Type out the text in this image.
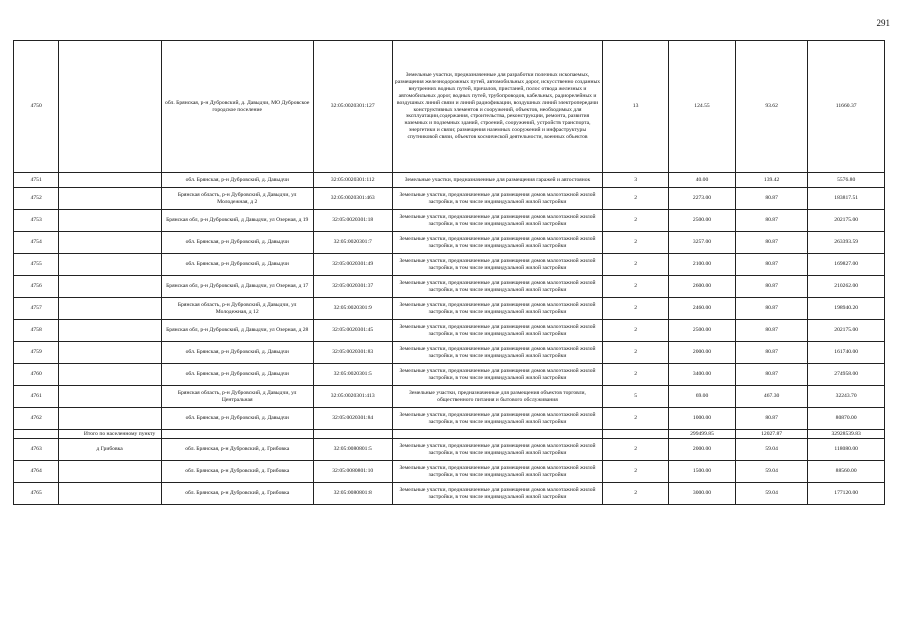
291
4750		обл. Брянская, р-н Дубровский, д. Давыдчи, МО Дубровское городское поселение	32:05:0020301:127	Земельные участки, предназначенные для разработки полезных ископаемых, размещения железнодорожных путей, автомобильных дорог, искусственно созданных внутренних водных путей, причалов, пристаней, полос отвода железных и автомобильных дорог, водных путей, трубопроводов, кабельных, радиорелейных и воздушных линий связи и линий радиофикации, воздушных линий электропередачи конструктивных элементов и сооружений, объектов, необходимых для эксплуатации,содержания, строительства, реконструкции, ремонта, развития наземных и подземных зданий, строений, сооружений, устройств транспорта, энергетики и связи; размещения наземных сооружений и инфраструктуры спутниковой связи, объектов космической деятельности, военных объектов	13	124.55	93.62	11660.37
4751		обл. Брянская, р-н Дубровский, д. Давыдчи	32:05:0020301:112	Земельные участки, предназначенные для размещения гаражей и автостоянок	3	40.00	139.42	5576.80
4752		Брянская область, р-н Дубровский, д Давыдчи, ул Молодежная, д 2	32:05:0020301:463	Земельные участки, предназначенные для размещения домов малоэтажной жилой застройки, в том числе индивидуальной жилой застройки	2	2273.00	80.87	183817.51
4753		Брянская обл, р-н Дубровский, д Давыдчи, ул Озерная, д 19	32:05:0020301:18	Земельные участки, предназначенные для размещения домов малоэтажной жилой застройки, в том числе индивидуальной жилой застройки	2	2500.00	80.87	202175.00
4754		обл. Брянская, р-н Дубровский, д. Давыдчи	32:05:0020301:7	Земельные участки, предназначенные для размещения домов малоэтажной жилой застройки, в том числе индивидуальной жилой застройки	2	3257.00	80.87	263393.59
4755		обл. Брянская, р-н Дубровский, д. Давыдчи	32:05:0020301:49	Земельные участки, предназначенные для размещения домов малоэтажной жилой застройки, в том числе индивидуальной жилой застройки	2	2100.00	80.87	169827.00
4756		Брянская обл, р-н Дубровский, д Давыдчи, ул Озерная, д 17	32:05:0020301:37	Земельные участки, предназначенные для размещения домов малоэтажной жилой застройки, в том числе индивидуальной жилой застройки	2	2600.00	80.87	210262.00
4757		Брянская область, р-н Дубровский, д Давыдчи, ул Молодежная, д 12	32:05:0020301:9	Земельные участки, предназначенные для размещения домов малоэтажной жилой застройки, в том числе индивидуальной жилой застройки	2	2460.00	80.87	198940.20
4758		Брянская обл, р-н Дубровский, д Давыдчи, ул Озерная, д 28	32:05:0020301:45	Земельные участки, предназначенные для размещения домов малоэтажной жилой застройки, в том числе индивидуальной жилой застройки	2	2500.00	80.87	202175.00
4759		обл. Брянская, р-н Дубровский, д. Давыдчи	32:05:0020301:83	Земельные участки, предназначенные для размещения домов малоэтажной жилой застройки, в том числе индивидуальной жилой застройки	2	2000.00	80.87	161740.00
4760		обл. Брянская, р-н Дубровский, д. Давыдчи	32:05:0020301:5	Земельные участки, предназначенные для размещения домов малоэтажной жилой застройки, в том числе индивидуальной жилой застройки	2	3400.00	80.87	274958.00
4761		Брянская область, р-н Дубровский, д Давыдчи, ул Центральная	32:05:0020301:413	Земельные участки, предназначенные для размещения объектов торговли, общественного питания и бытового обслуживания	5	69.00	467.30	32243.70
4762		обл. Брянская, р-н Дубровский, д. Давыдчи	32:05:0020301:84	Земельные участки, предназначенные для размещения домов малоэтажной жилой застройки, в том числе индивидуальной жилой застройки	2	1000.00	80.87	80870.00
	Итого по населенному пункту					299499.85	12027.87	32928539.83
4763	д Грибовка	обл. Брянская, р-н Дубровский, д. Грибовка	32:05:0080801:5	Земельные участки, предназначенные для размещения домов малоэтажной жилой застройки, в том числе индивидуальной жилой застройки	2	2000.00	59.04	118080.00
4764		обл. Брянская, р-н Дубровский, д. Грибовка	32:05:0080801:10	Земельные участки, предназначенные для размещения домов малоэтажной жилой застройки, в том числе индивидуальной жилой застройки	2	1500.00	59.04	88560.00
4765		обл. Брянская, р-н Дубровский, д. Грибовка	32:05:0080801:8	Земельные участки, предназначенные для размещения домов малоэтажной жилой застройки, в том числе индивидуальной жилой застройки	2	3000.00	59.04	177120.00
